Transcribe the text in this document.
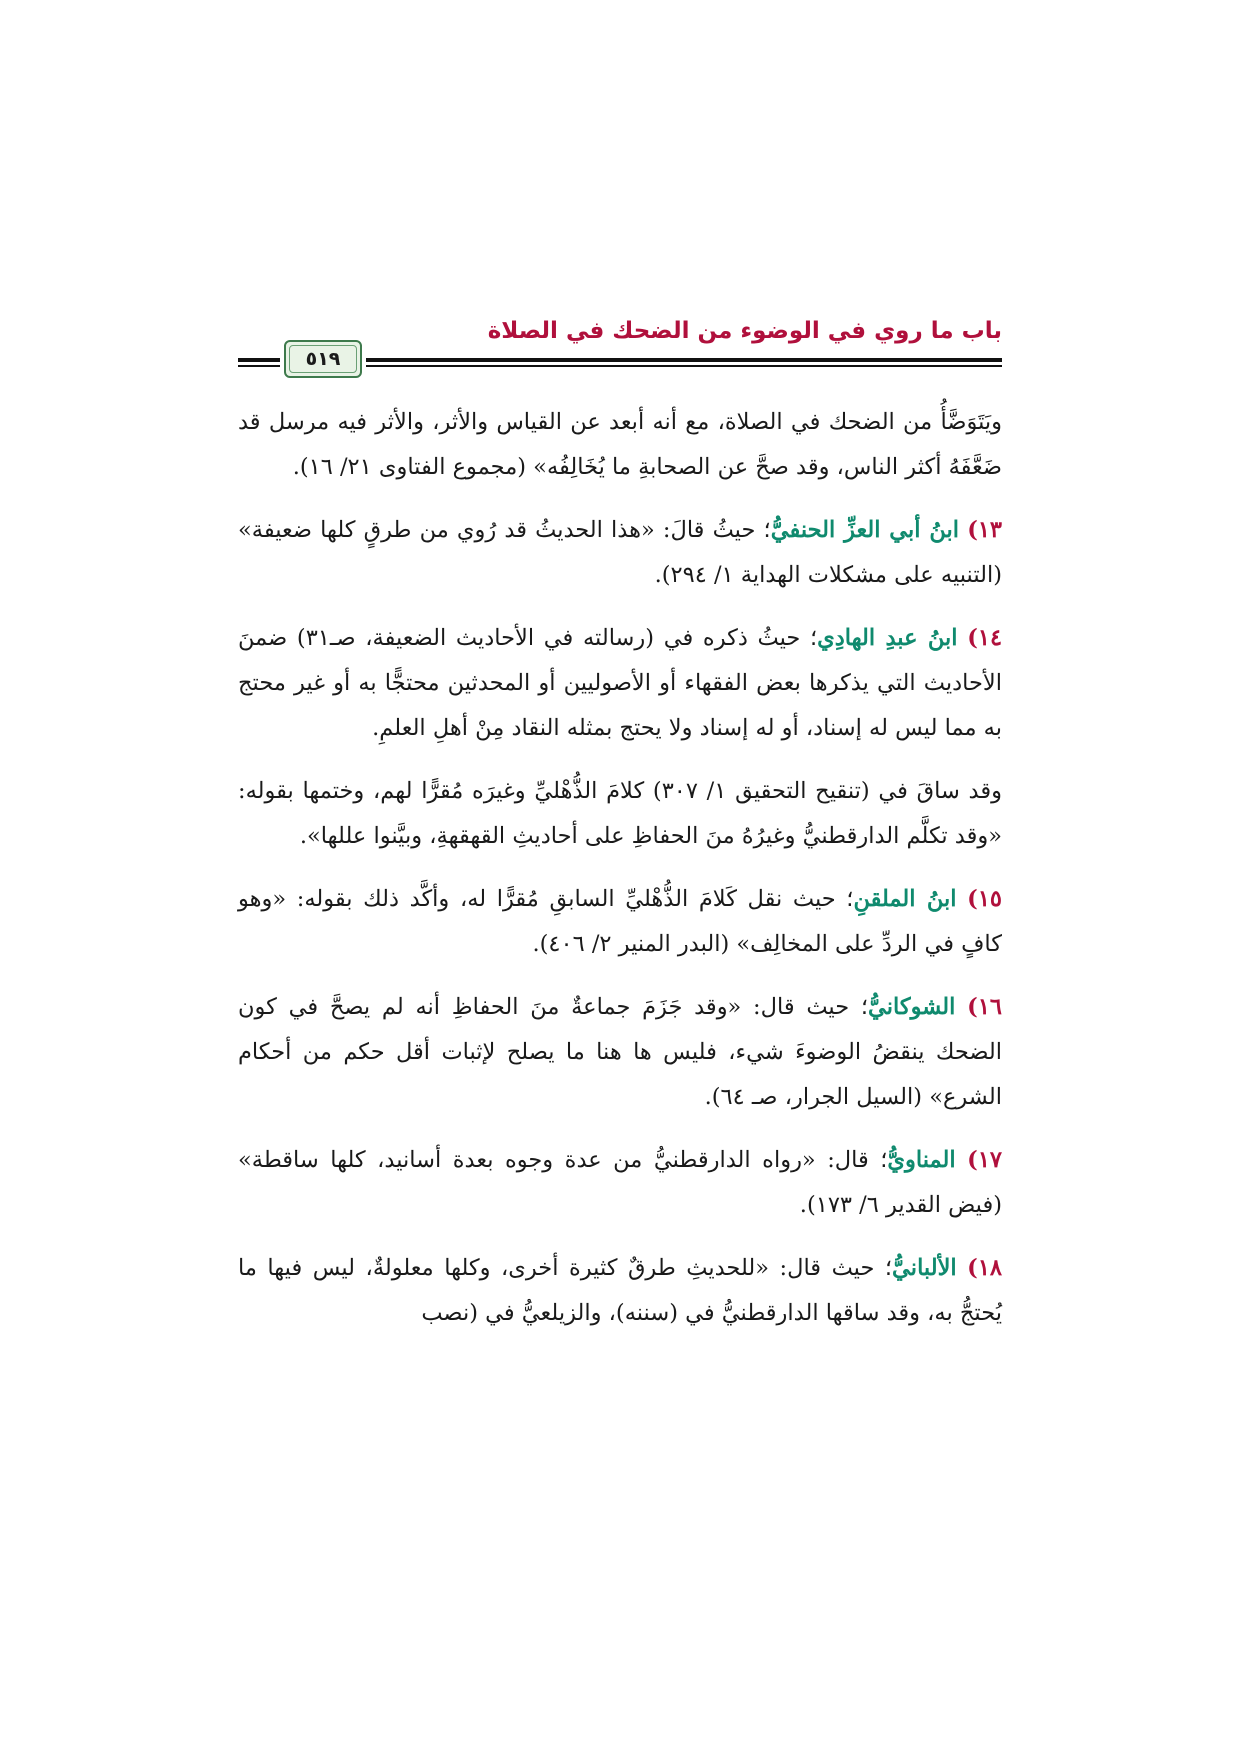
باب ما روي في الوضوء من الضحك في الصلاة
٥١٩

ويَتَوَضَّأُ من الضحك في الصلاة، مع أنه أبعد عن القياس والأثر، والأثر فيه مرسل قد ضَعَّفَهُ أكثر الناس، وقد صحَّ عن الصحابةِ ما يُخَالِفُه» (مجموع الفتاوى ٢١/ ١٦).

١٣) ابنُ أبي العزِّ الحنفيُّ؛ حيثُ قالَ: «هذا الحديثُ قد رُوي من طرقٍ كلها ضعيفة» (التنبيه على مشكلات الهداية ١/ ٢٩٤).

١٤) ابنُ عبدِ الهادِي؛ حيثُ ذكره في (رسالته في الأحاديث الضعيفة، صـ٣١) ضمنَ الأحاديث التي يذكرها بعض الفقهاء أو الأصوليين أو المحدثين محتجًّا به أو غير محتج به مما ليس له إسناد، أو له إسناد ولا يحتج بمثله النقاد مِنْ أهلِ العلمِ.

وقد ساقَ في (تنقيح التحقيق ١/ ٣٠٧) كلامَ الذُّهْليِّ وغيرَه مُقرًّا لهم، وختمها بقوله: «وقد تكلَّم الدارقطنيُّ وغيرُهُ منَ الحفاظِ على أحاديثِ القهقهةِ، وبيَّنوا عللها».

١٥) ابنُ الملقنِ؛ حيث نقل كَلامَ الذُّهْليِّ السابقِ مُقرًّا له، وأكَّد ذلك بقوله: «وهو كافٍ في الردِّ على المخالِف» (البدر المنير ٢/ ٤٠٦).

١٦) الشوكانيُّ؛ حيث قال: «وقد جَزَمَ جماعةٌ منَ الحفاظِ أنه لم يصحَّ في كون الضحك ينقضُ الوضوءَ شيء، فليس ها هنا ما يصلح لإثبات أقل حكم من أحكام الشرع» (السيل الجرار، صـ ٦٤).

١٧) المناويُّ؛ قال: «رواه الدارقطنيُّ من عدة وجوه بعدة أسانيد، كلها ساقطة» (فيض القدير ٦/ ١٧٣).

١٨) الألبانيُّ؛ حيث قال: «للحديثِ طرقٌ كثيرة أخرى، وكلها معلولةٌ، ليس فيها ما يُحتجُّ به، وقد ساقها الدارقطنيُّ في (سننه)، والزيلعيُّ في (نصب
